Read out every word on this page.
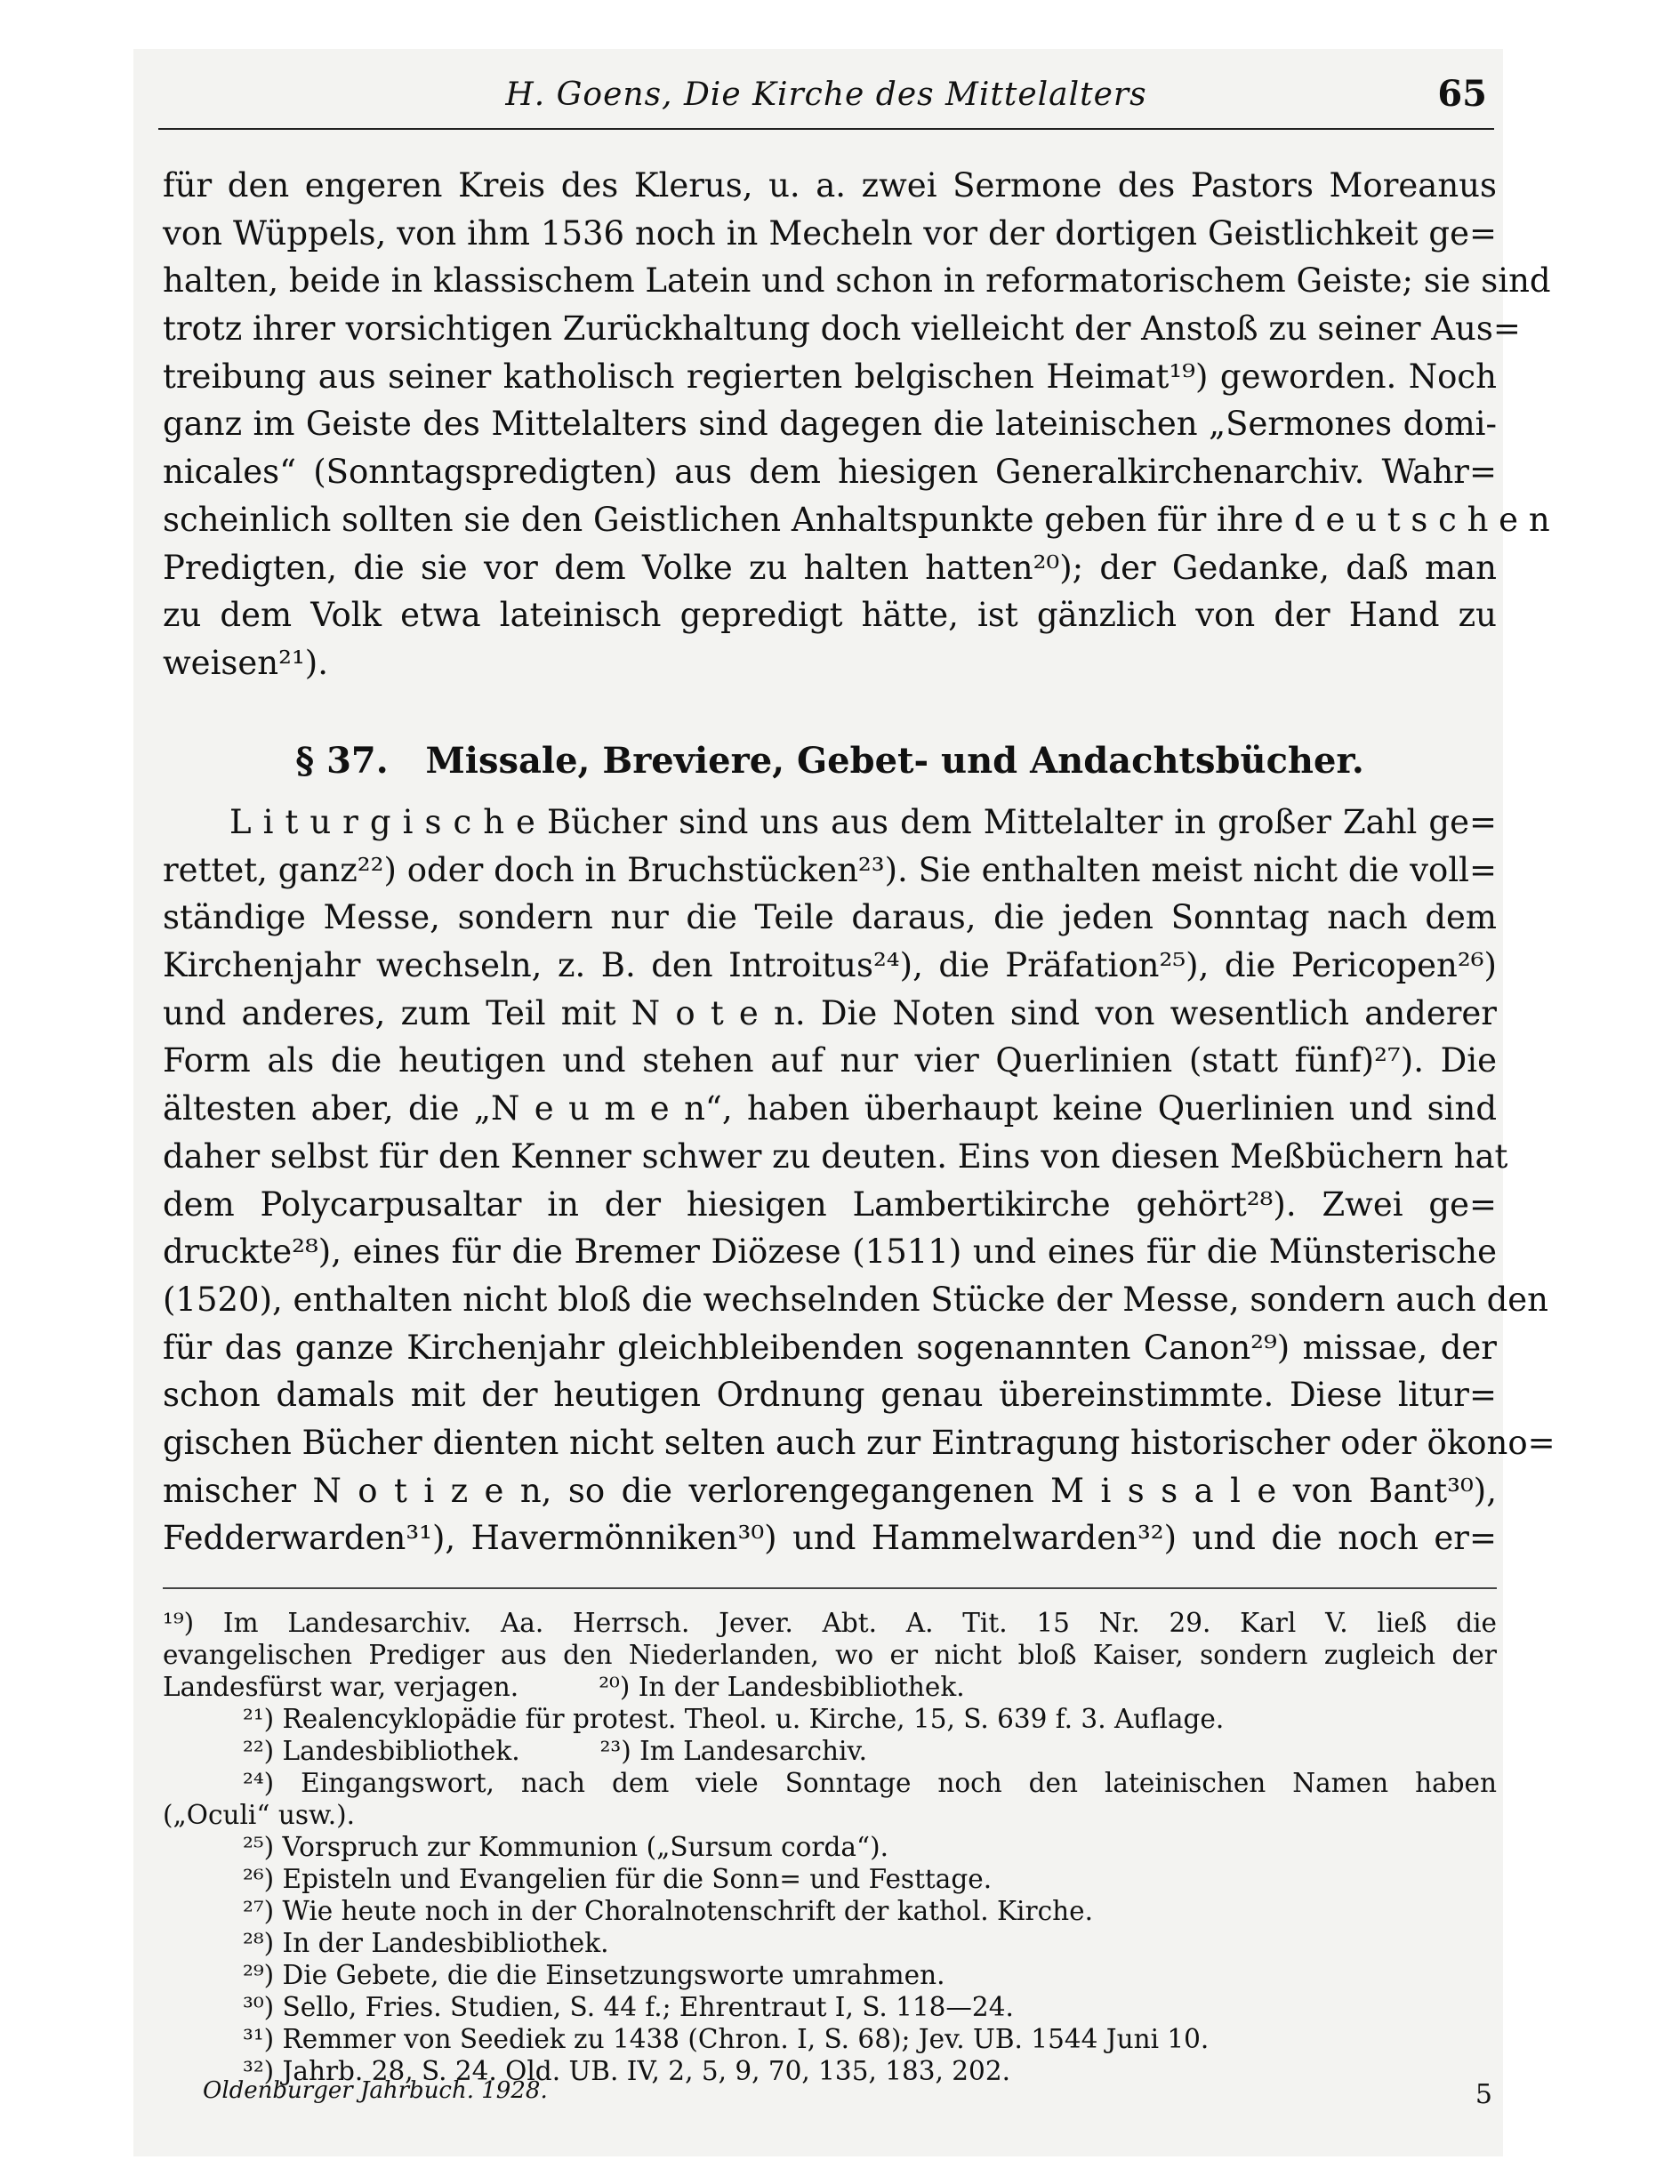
H. Goens, Die Kirche des Mittelalters	65
für den engeren Kreis des Klerus, u. a. zwei Sermone des Pastors Moreanus
von Wüppels, von ihm 1536 noch in Mecheln vor der dortigen Geistlichkeit ge=
halten, beide in klassischem Latein und schon in reformatorischem Geiste; sie sind
trotz ihrer vorsichtigen Zurückhaltung doch vielleicht der Anstoß zu seiner Aus=
treibung aus seiner katholisch regierten belgischen Heimat¹⁹) geworden. Noch
ganz im Geiste des Mittelalters sind dagegen die lateinischen „Sermones domi-
nicales“ (Sonntagspredigten) aus dem hiesigen Generalkirchenarchiv. Wahr=
scheinlich sollten sie den Geistlichen Anhaltspunkte geben für ihre d e u t s c h e n
Predigten, die sie vor dem Volke zu halten hatten²⁰); der Gedanke, daß man
zu dem Volk etwa lateinisch gepredigt hätte, ist gänzlich von der Hand zu
weisen²¹).
§ 37. Missale, Breviere, Gebet- und Andachtsbücher.
L i t u r g i s c h e Bücher sind uns aus dem Mittelalter in großer Zahl ge=
rettet, ganz²²) oder doch in Bruchstücken²³). Sie enthalten meist nicht die voll=
ständige Messe, sondern nur die Teile daraus, die jeden Sonntag nach dem
Kirchenjahr wechseln, z. B. den Introitus²⁴), die Präfation²⁵), die Pericopen²⁶)
und anderes, zum Teil mit N o t e n. Die Noten sind von wesentlich anderer
Form als die heutigen und stehen auf nur vier Querlinien (statt fünf)²⁷). Die
ältesten aber, die „N e u m e n“, haben überhaupt keine Querlinien und sind
daher selbst für den Kenner schwer zu deuten. Eins von diesen Meßbüchern hat
dem Polycarpusaltar in der hiesigen Lambertikirche gehört²⁸). Zwei ge=
druckte²⁸), eines für die Bremer Diözese (1511) und eines für die Münsterische
(1520), enthalten nicht bloß die wechselnden Stücke der Messe, sondern auch den
für das ganze Kirchenjahr gleichbleibenden sogenannten Canon²⁹) missae, der
schon damals mit der heutigen Ordnung genau übereinstimmte. Diese litur=
gischen Bücher dienten nicht selten auch zur Eintragung historischer oder ökono=
mischer N o t i z e n, so die verlorengegangenen M i s s a l e von Bant³⁰),
Fedderwarden³¹), Havermönniken³⁰) und Hammelwarden³²) und die noch er=
¹⁹) Im Landesarchiv. Aa. Herrsch. Jever. Abt. A. Tit. 15 Nr. 29. Karl V. ließ die
evangelischen Prediger aus den Niederlanden, wo er nicht bloß Kaiser, sondern zugleich der
Landesfürst war, verjagen.	²⁰) In der Landesbibliothek.
²¹) Realencyklopädie für protest. Theol. u. Kirche, 15, S. 639 f. 3. Auflage.
²²) Landesbibliothek.	²³) Im Landesarchiv.
²⁴) Eingangswort, nach dem viele Sonntage noch den lateinischen Namen haben
(„Oculi“ usw.).
²⁵) Vorspruch zur Kommunion („Sursum corda“).
²⁶) Episteln und Evangelien für die Sonn= und Festtage.
²⁷) Wie heute noch in der Choralnotenschrift der kathol. Kirche.
²⁸) In der Landesbibliothek.
²⁹) Die Gebete, die die Einsetzungsworte umrahmen.
³⁰) Sello, Fries. Studien, S. 44 f.; Ehrentraut I, S. 118—24.
³¹) Remmer von Seediek zu 1438 (Chron. I, S. 68); Jev. UB. 1544 Juni 10.
³²) Jahrb. 28, S. 24. Old. UB. IV, 2, 5, 9, 70, 135, 183, 202.
Oldenburger Jahrbuch. 1928.	5
